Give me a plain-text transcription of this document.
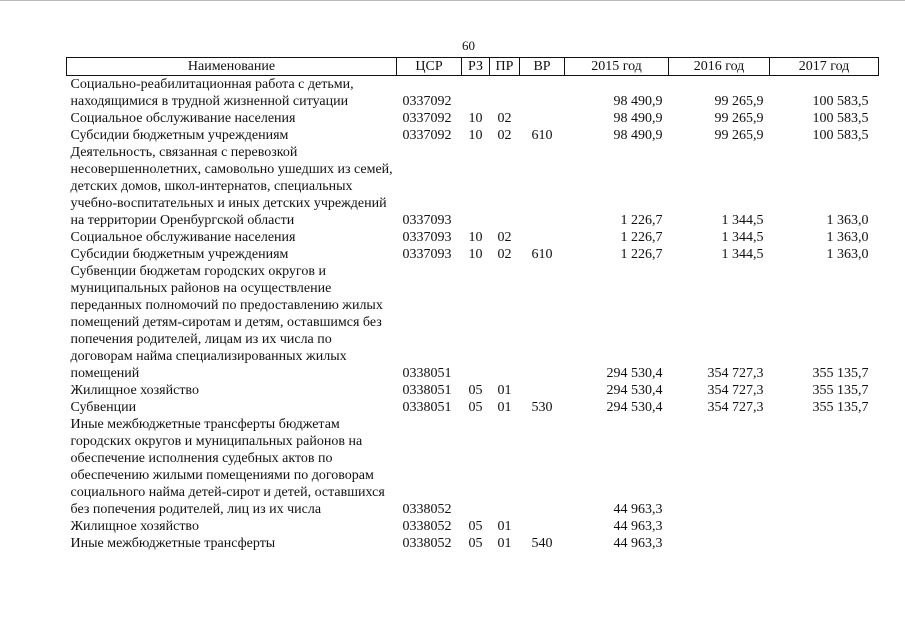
60
Наименование	ЦСР	РЗ	ПР	ВР	2015 год	2016 год	2017 год
Социально-реабилитационная работа с детьми, находящимися в трудной жизненной ситуации	0337092				98 490,9	99 265,9	100 583,5
Социальное обслуживание населения	0337092	10	02		98 490,9	99 265,9	100 583,5
Субсидии бюджетным учреждениям	0337092	10	02	610	98 490,9	99 265,9	100 583,5
Деятельность, связанная с перевозкой несовершеннолетних, самовольно ушедших из семей, детских домов, школ-интернатов, специальных учебно-воспитательных и иных детских учреждений на территории Оренбургской области	0337093				1 226,7	1 344,5	1 363,0
Социальное обслуживание населения	0337093	10	02		1 226,7	1 344,5	1 363,0
Субсидии бюджетным учреждениям	0337093	10	02	610	1 226,7	1 344,5	1 363,0
Субвенции бюджетам городских округов и муниципальных районов на осуществление переданных полномочий по предоставлению жилых помещений детям-сиротам и детям, оставшимся без попечения родителей, лицам из их числа по договорам найма специализированных жилых помещений	0338051				294 530,4	354 727,3	355 135,7
Жилищное хозяйство	0338051	05	01		294 530,4	354 727,3	355 135,7
Субвенции	0338051	05	01	530	294 530,4	354 727,3	355 135,7
Иные межбюджетные трансферты бюджетам городских округов и муниципальных районов на обеспечение исполнения судебных актов по обеспечению жилыми помещениями по договорам социального найма детей-сирот и детей, оставшихся без попечения родителей, лиц из их числа	0338052				44 963,3		
Жилищное хозяйство	0338052	05	01		44 963,3		
Иные межбюджетные трансферты	0338052	05	01	540	44 963,3		
